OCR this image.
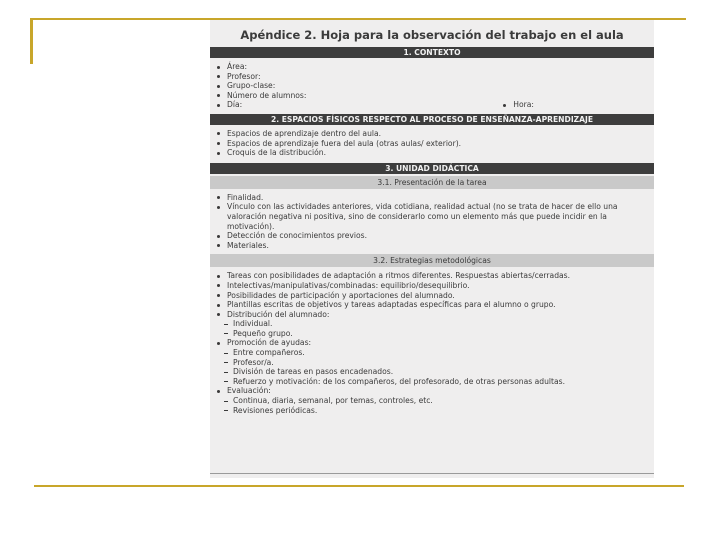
Apéndice 2. Hoja para la observación del trabajo en el aula
1. CONTEXTO
Área:
Profesor:
Grupo-clase:
Número de alumnos:
Día:	Hora:
2. ESPACIOS FÍSICOS RESPECTO AL PROCESO DE ENSEÑANZA-APRENDIZAJE
Espacios de aprendizaje dentro del aula.
Espacios de aprendizaje fuera del aula (otras aulas/ exterior).
Croquis de la distribución.
3. UNIDAD DIDÁCTICA
3.1. Presentación de la tarea
Finalidad.
Vínculo con las actividades anteriores, vida cotidiana, realidad actual (no se trata de hacer de ello una valoración negativa ni positiva, sino de considerarlo como un elemento más que puede incidir en la motivación).
Detección de conocimientos previos.
Materiales.
3.2. Estrategias metodológicas
Tareas con posibilidades de adaptación a ritmos diferentes. Respuestas abiertas/cerradas.
Intelectivas/manipulativas/combinadas: equilibrio/desequilibrio.
Posibilidades de participación y aportaciones del alumnado.
Plantillas escritas de objetivos y tareas adaptadas específicas para el alumno o grupo.
Distribución del alumnado:
Individual.
Pequeño grupo.
Promoción de ayudas:
Entre compañeros.
Profesor/a.
División de tareas en pasos encadenados.
Refuerzo y motivación: de los compañeros, del profesorado, de otras personas adultas.
Evaluación:
Continua, diaria, semanal, por temas, controles, etc.
Revisiones periódicas.
